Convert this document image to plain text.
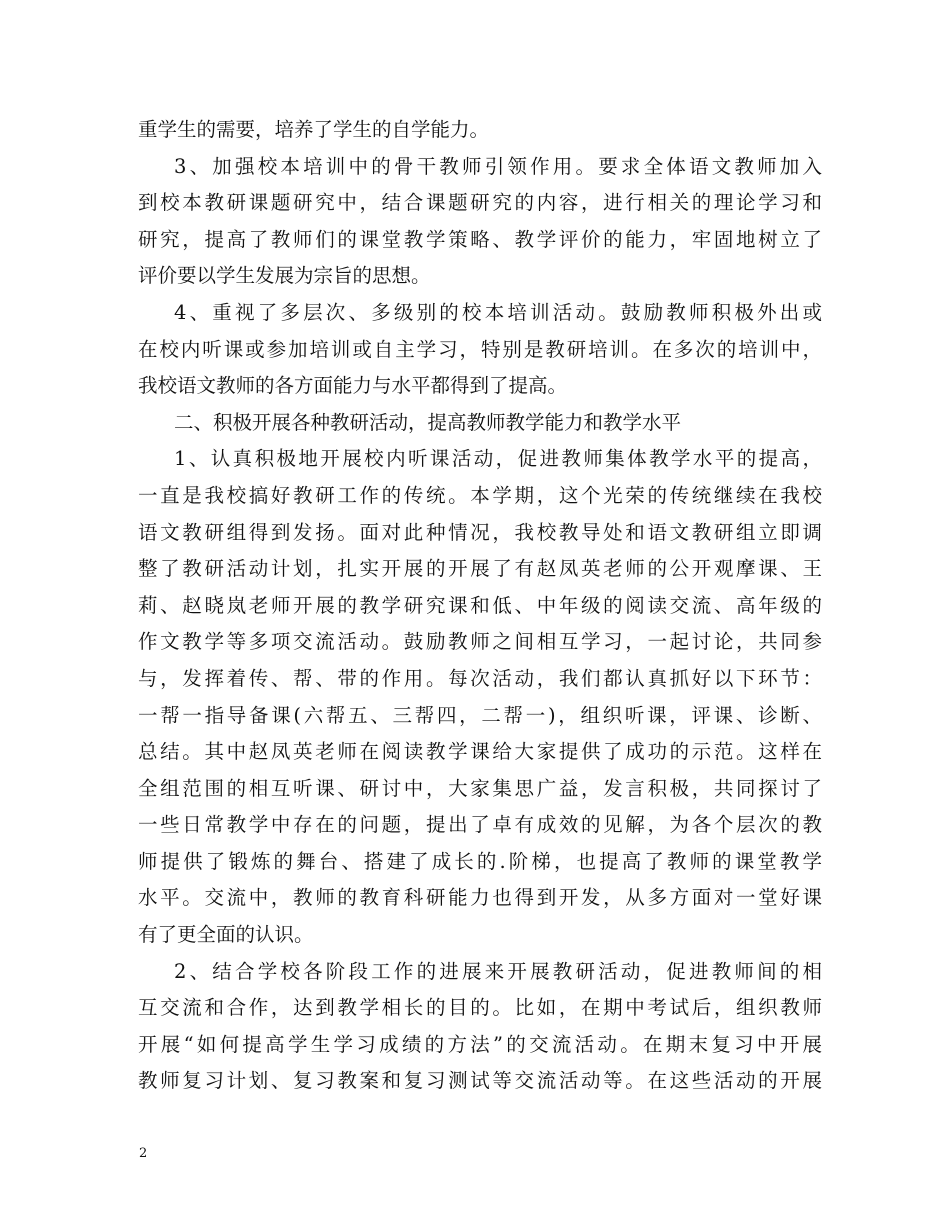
重学生的需要，培养了学生的自学能力。
3、加强校本培训中的骨干教师引领作用。要求全体语文教师加入
到校本教研课题研究中，结合课题研究的内容，进行相关的理论学习和
研究，提高了教师们的课堂教学策略、教学评价的能力，牢固地树立了
评价要以学生发展为宗旨的思想。
4、重视了多层次、多级别的校本培训活动。鼓励教师积极外出或
在校内听课或参加培训或自主学习，特别是教研培训。在多次的培训中，
我校语文教师的各方面能力与水平都得到了提高。
二、积极开展各种教研活动，提高教师教学能力和教学水平
1、认真积极地开展校内听课活动，促进教师集体教学水平的提高，
一直是我校搞好教研工作的传统。本学期，这个光荣的传统继续在我校
语文教研组得到发扬。面对此种情况，我校教导处和语文教研组立即调
整了教研活动计划，扎实开展的开展了有赵凤英老师的公开观摩课、王
莉、赵晓岚老师开展的教学研究课和低、中年级的阅读交流、高年级的
作文教学等多项交流活动。鼓励教师之间相互学习，一起讨论，共同参
与，发挥着传、帮、带的作用。每次活动，我们都认真抓好以下环节：
一帮一指导备课(六帮五、三帮四，二帮一)，组织听课，评课、诊断、
总结。其中赵凤英老师在阅读教学课给大家提供了成功的示范。这样在
全组范围的相互听课、研讨中，大家集思广益，发言积极，共同探讨了
一些日常教学中存在的问题，提出了卓有成效的见解，为各个层次的教
师提供了锻炼的舞台、搭建了成长的.阶梯，也提高了教师的课堂教学
水平。交流中，教师的教育科研能力也得到开发，从多方面对一堂好课
有了更全面的认识。
2、结合学校各阶段工作的进展来开展教研活动，促进教师间的相
互交流和合作，达到教学相长的目的。比如，在期中考试后，组织教师
开展“如何提高学生学习成绩的方法”的交流活动。在期末复习中开展
教师复习计划、复习教案和复习测试等交流活动等。在这些活动的开展
2
